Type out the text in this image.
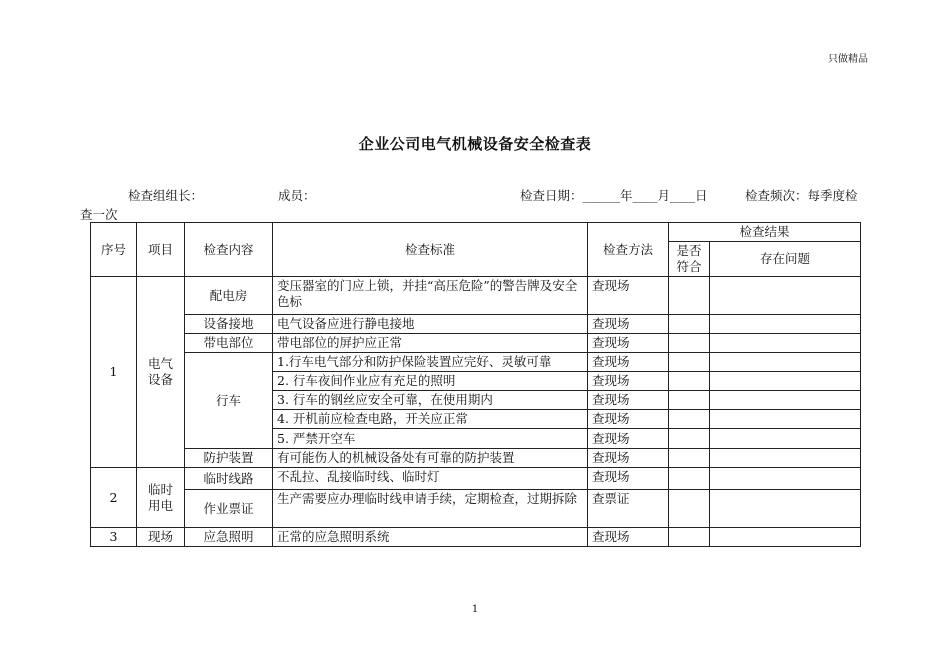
只做精品
企业公司电气机械设备安全检查表
检查组组长：	成员：	检查日期：______年____月____日	检查频次：每季度检
查一次
序号	项目	检查内容	检查标准	检查方法	检查结果	
					是否符合	存在问题
1	电气设备	配电房	变压器室的门应上锁，并挂“高压危险”的警告牌及安全色标	查现场		
		设备接地	电气设备应进行静电接地	查现场		
		带电部位	带电部位的屏护应正常	查现场		
		行车	1.行车电气部分和防护保险装置应完好、灵敏可靠	查现场		
			2. 行车夜间作业应有充足的照明	查现场		
			3. 行车的钢丝应安全可靠，在使用期内	查现场		
			4. 开机前应检查电路，开关应正常	查现场		
			5. 严禁开空车	查现场		
		防护装置	有可能伤人的机械设备处有可靠的防护装置	查现场		
2	临时用电	临时线路	不乱拉、乱接临时线、临时灯	查现场		
		作业票证	生产需要应办理临时线申请手续，定期检查，过期拆除	查票证		
3	现场	应急照明	正常的应急照明系统	查现场		
1
